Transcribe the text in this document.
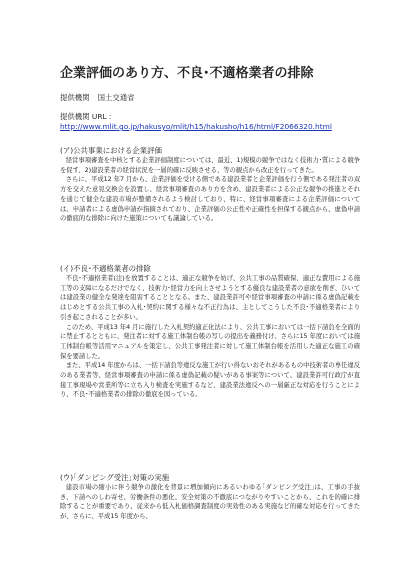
企業評価のあり方、不良･不適格業者の排除
提供機関 国土交通省
提供機関 URL :
http://www.mlit.go.jp/hakusyo/mlit/h15/hakusho/h16/html/F2066320.html
(ア)公共事業における企業評価

経営事項審査を中核とする企業評価制度については、最近、1)規模の競争ではなく技術力･質による競争を促す、2)建設業者の経営状況を一層的確に反映させる、等の観点から改正を行ってきた。

さらに、平成12 年7 月から、企業評価を受ける側である建設業者と企業評価を行う側である発注者の双方を交えた意見交換会を設置し、経営事項審査のあり方を含め、建設業者による公正な競争の推進とそれを通じて健全な建設市場が整備されるよう検討しており、特に、経営事項審査による企業評価については、申請者による虚偽申請が指摘されており、企業評価の公正性や正確性を担保する観点から、虚偽申請の徹底的な排除に向けた施策についても議論している。

(イ)不良･不適格業者の排除

不良･不適格業者(注)を放置することは、適正な競争を妨げ、公共工事の品質確保、適正な費用による施工等の支障になるだけでなく、技術力･経営力を向上させようとする優良な建設業者の意欲を削ぎ、ひいては建設業の健全な発達を阻害することとなる。また、建設業許可や経営事項審査の申請に係る虚偽記載をはじめとする公共工事の入札･契約に関する様々な不正行為は、主としてこうした不良･不適格業者により引き起こされることが多い。

このため、平成13 年4 月に施行した入札契約適正化法により、公共工事においては一括下請負を全面的に禁止するとともに、発注者に対する施工体制台帳の写しの提出を義務付け、さらに15 年度においては施工体制台帳等活用マニュアルを策定し、公共工事発注者に対して施工体制台帳を活用した適正な施工の確保を要請した。

また、平成14 年度からは、一括下請負等違反な施工が行い得ないおそれがあるもの中技術者の専任違反のある業者等、経営事項審査の申請に係る虚偽記載の疑いがある事案等について、建設業許可行政庁が直接工事現場や営業所等に立ち入り検査を実施するなど、建設業法違反への一層厳正な対応を行うことにより、不良･不適格業者の排除の徹底を図っている。

(ウ)｢ダンピング受注｣対策の実施

建設市場の縮小に伴う競争の激化を背景に増加傾向にあるいわゆる｢ダンピング受注｣は、工事の手抜き、下請へのしわ寄せ、労働条件の悪化、安全対策の不徹底につながりやすいことから、これを的確に排除することが重要であり、従来から低入札価格調査制度の実効性のある実施など的確な対応を行ってきたが、さらに、平成15 年度から、
